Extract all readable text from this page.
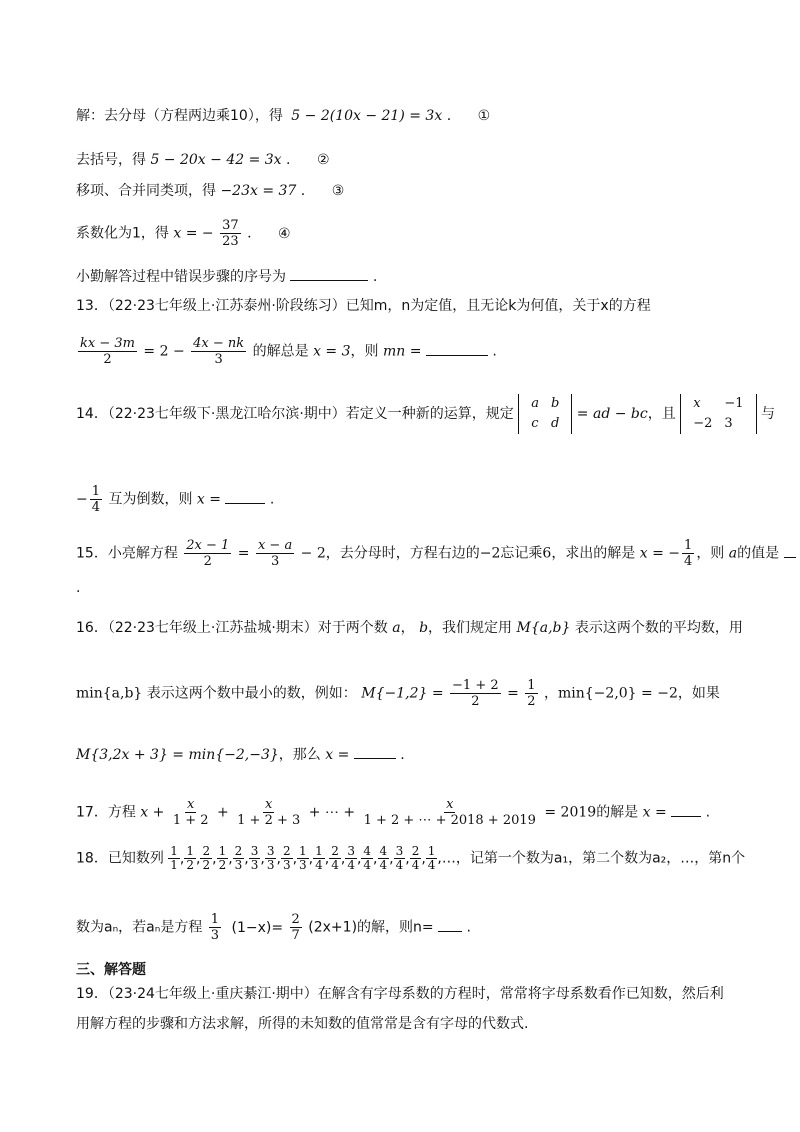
解：去分母（方程两边乘10），得 5 − 2(10x − 21) = 3x . ①
去括号，得 5 − 20x − 42 = 3x . ②
移项、合并同类项，得 −23x = 37 . ③
系数化为1，得 x = − $\frac{37}{23}$ . ④
小勤解答过程中错误步骤的序号为	.
13．（22·23七年级上·江苏泰州·阶段练习）已知m，n为定值，且无论k为何值，关于x的方程
$\frac{kx - 3m}{2} = 2 - \frac{4x - nk}{3}$ 的解总是 x = 3，则 mn =	.
14．（22·23七年级下·黑龙江哈尔滨·期中）若定义一种新的运算，规定
a	b
c	d
= ad − bc，且
x	−1
−2	3
与
− $\frac{1}{4}$ 互为倒数，则 x =	.
15．小亮解方程 $\frac{2x - 1}{2} = \frac{x - a}{3} - 2$，去分母时，方程右边的−2忘记乘6，求出的解是 x = − $\frac{1}{4}$ ，则 a的值是
.
16．（22·23七年级上·江苏盐城·期末）对于两个数 a， b，我们规定用 M{a,b} 表示这两个数的平均数，用
min{a,b} 表示这两个数中最小的数，例如： $M\{-1,2\} = \frac{-1 + 2}{2} = \frac{1}{2}$ ，min{−2,0} = −2，如果
M{3,2x + 3} = min{−2,−3}，那么 x =	.
17．方程 $x + \frac{x}{1 + 2} + \frac{x}{1 + 2 + 3}$ + ⋯ + $\frac{x}{1 + 2 + \cdots + 2018 + 2019} = 2019$的解是 x =	.
18．已知数列 $\frac{1}{1}$ , $\frac{1}{2}$ , $\frac{2}{2}$ , $\frac{1}{2}$ , $\frac{2}{3}$ , $\frac{3}{3}$ , $\frac{3}{3}$ , $\frac{2}{3}$ , $\frac{1}{3}$ , $\frac{1}{4}$ , $\frac{2}{4}$ , $\frac{3}{4}$ , $\frac{4}{4}$ , $\frac{4}{4}$ , $\frac{3}{4}$ , $\frac{2}{4}$ , $\frac{1}{4}$ ,…，记第一个数为a₁，第二个数为a₂，…，第n个
数为aₙ，若aₙ是方程 $\frac{1}{3} (1-x)= \frac{2}{7} (2x+1)$的解，则n= .
三、解答题
19．（23·24七年级上·重庆綦江·期中）在解含有字母系数的方程时，常常将字母系数看作已知数，然后利
用解方程的步骤和方法求解，所得的未知数的值常常是含有字母的代数式.
